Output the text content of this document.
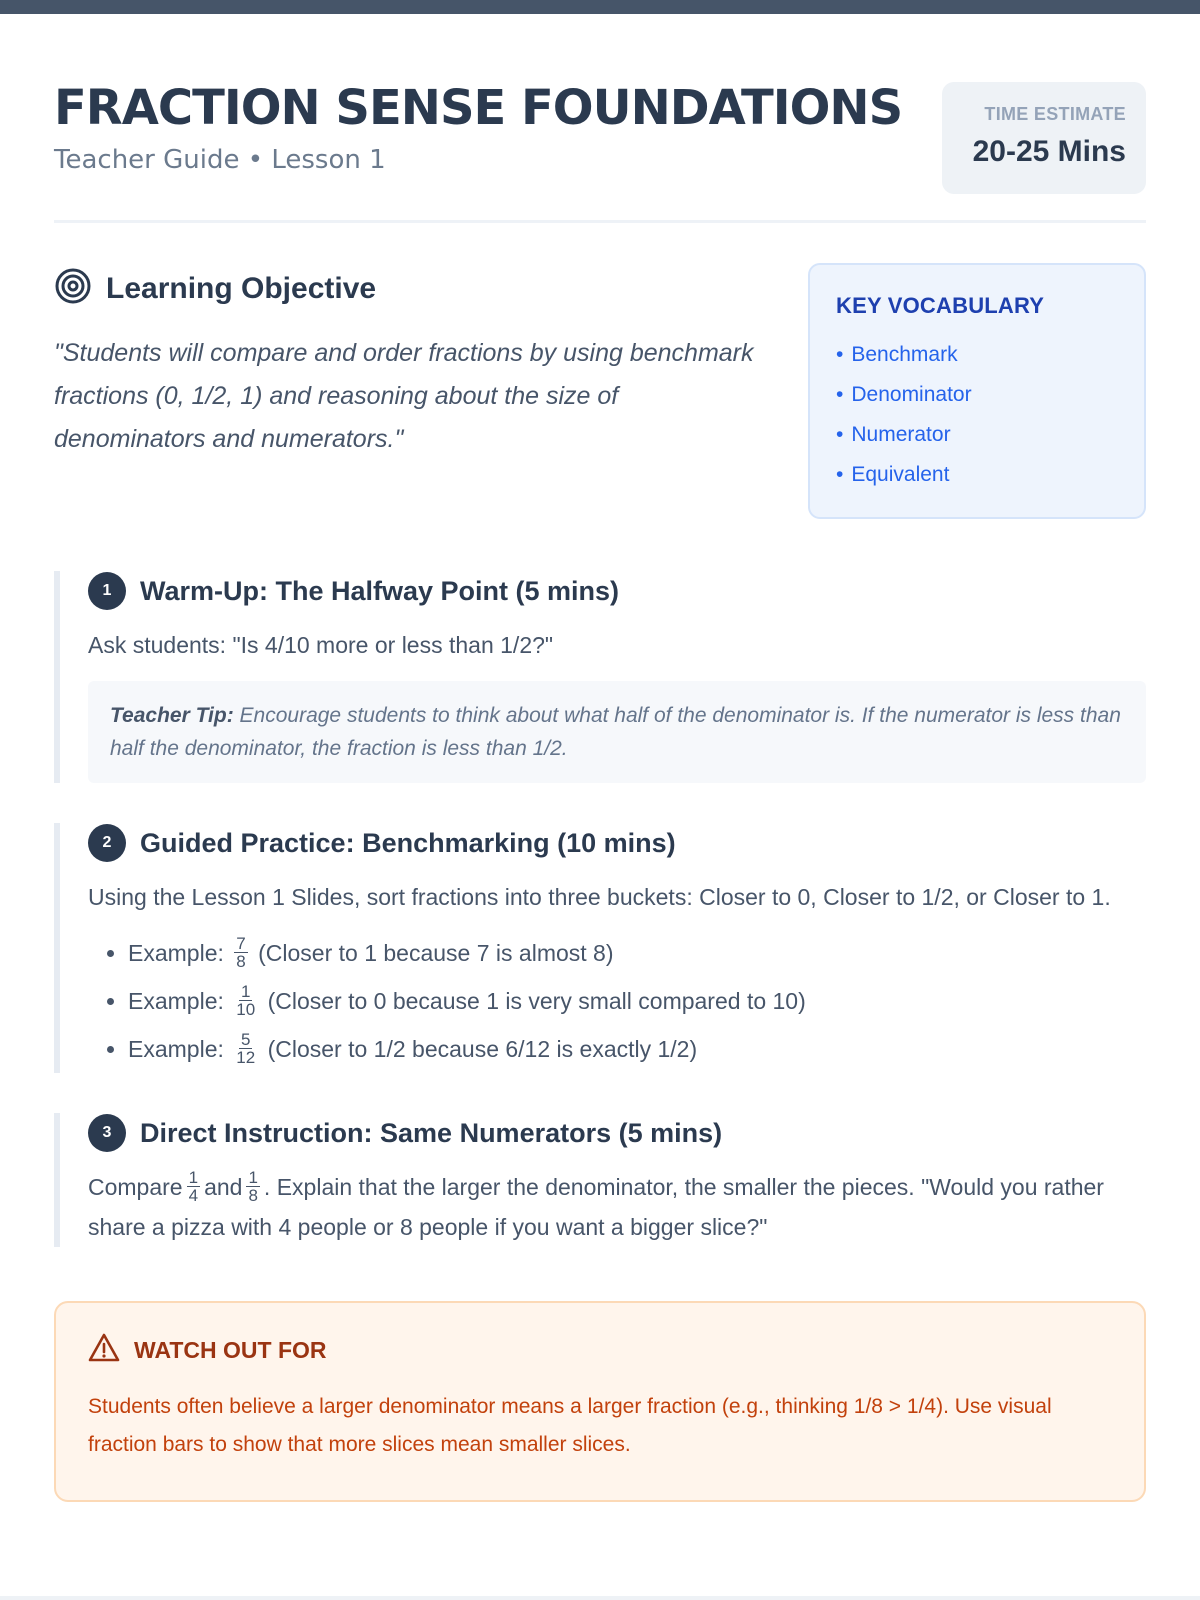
FRACTION SENSE FOUNDATIONS
Teacher Guide • Lesson 1
TIME ESTIMATE
20-25 Mins
Learning Objective
"Students will compare and order fractions by using benchmark fractions (0, 1/2, 1) and reasoning about the size of denominators and numerators."
KEY VOCABULARY
• Benchmark
• Denominator
• Numerator
• Equivalent
1	Warm-Up: The Halfway Point (5 mins)
Ask students: "Is 4/10 more or less than 1/2?"
Teacher Tip: Encourage students to think about what half of the denominator is. If the numerator is less than half the denominator, the fraction is less than 1/2.
2	Guided Practice: Benchmarking (10 mins)
Using the Lesson 1 Slides, sort fractions into three buckets: Closer to 0, Closer to 1/2, or Closer to 1.
• Example: $\frac{7}{8}$ (Closer to 1 because 7 is almost 8)
• Example: $\frac{1}{10}$ (Closer to 0 because 1 is very small compared to 10)
• Example: $\frac{5}{12}$ (Closer to 1/2 because 6/12 is exactly 1/2)
3	Direct Instruction: Same Numerators (5 mins)
Compare $\frac{1}{4}$ and $\frac{1}{8}$ . Explain that the larger the denominator, the smaller the pieces. "Would you rather share a pizza with 4 people or 8 people if you want a bigger slice?"
WATCH OUT FOR
Students often believe a larger denominator means a larger fraction (e.g., thinking 1/8 > 1/4). Use visual fraction bars to show that more slices mean smaller slices.
